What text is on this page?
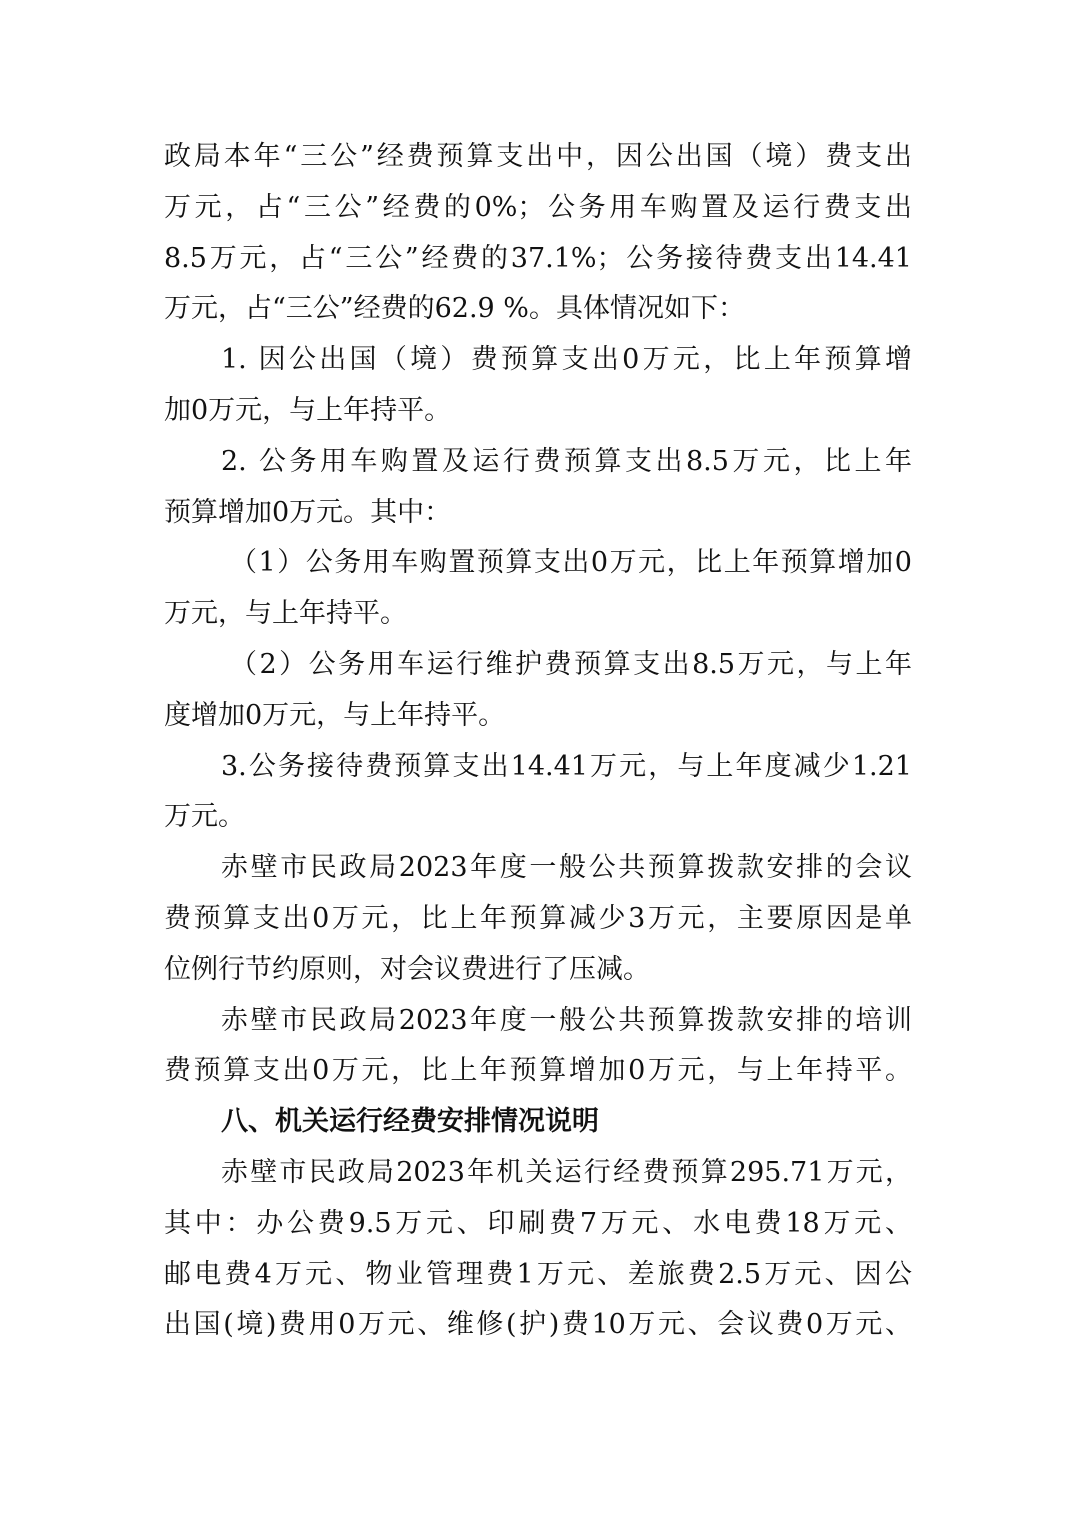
政局本年“三公”经费预算支出中，因公出国（境）费支出
万元，占“三公”经费的0%；公务用车购置及运行费支出
8.5万元，占“三公”经费的37.1%；公务接待费支出14.41
万元，占“三公”经费的62.9 %。具体情况如下：
1. 因公出国（境）费预算支出0万元，比上年预算增
加0万元，与上年持平。
2. 公务用车购置及运行费预算支出8.5万元，比上年
预算增加0万元。其中：
（1）公务用车购置预算支出0万元，比上年预算增加0
万元，与上年持平。
（2）公务用车运行维护费预算支出8.5万元，与上年
度增加0万元，与上年持平。
3.公务接待费预算支出14.41万元，与上年度减少1.21
万元。
赤壁市民政局2023年度一般公共预算拨款安排的会议
费预算支出0万元，比上年预算减少3万元，主要原因是单
位例行节约原则，对会议费进行了压减。
赤壁市民政局2023年度一般公共预算拨款安排的培训
费预算支出0万元，比上年预算增加0万元，与上年持平。
八、机关运行经费安排情况说明
赤壁市民政局2023年机关运行经费预算295.71万元，
其中：办公费9.5万元、印刷费7万元、水电费18万元、
邮电费4万元、物业管理费1万元、差旅费2.5万元、因公
出国(境)费用0万元、维修(护)费10万元、会议费0万元、
